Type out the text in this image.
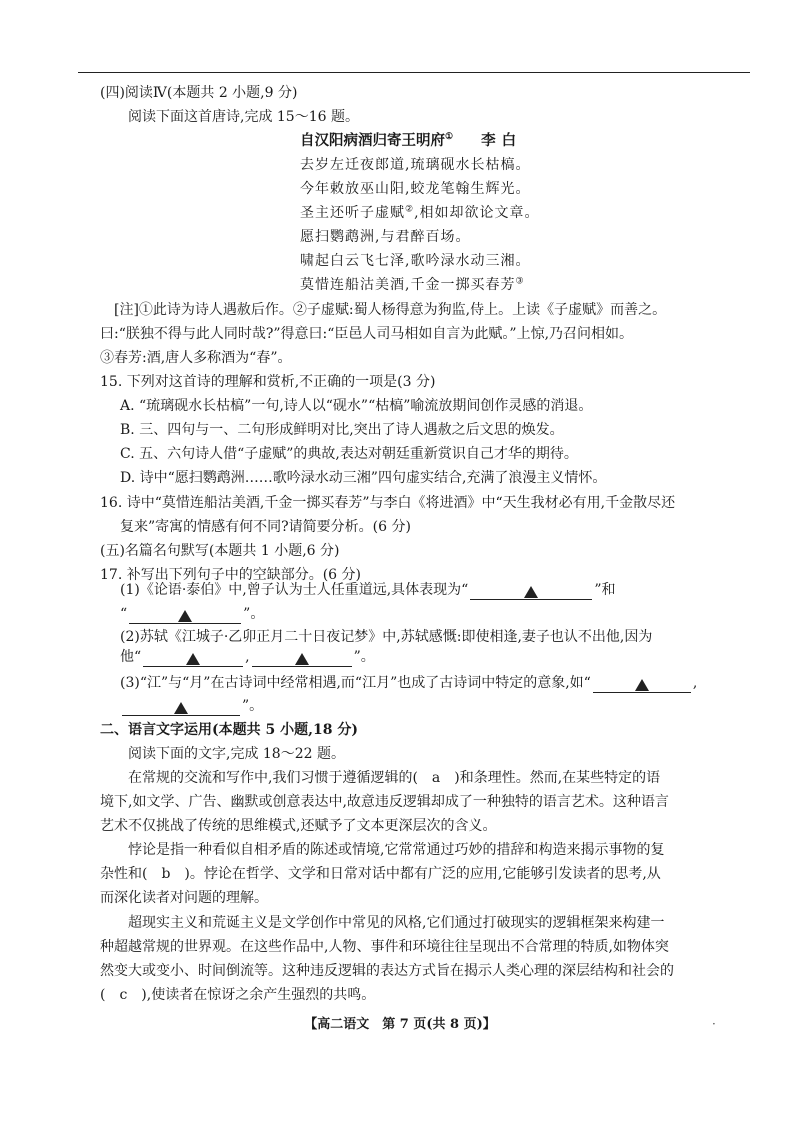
(四)阅读Ⅳ(本题共 2 小题,9 分)
阅读下面这首唐诗,完成 15～16 题。
自汉阳病酒归寄王明府① 李白
去岁左迁夜郎道,琉璃砚水长枯槁。
今年敕放巫山阳,蛟龙笔翰生辉光。
圣主还听子虚赋②,相如却欲论文章。
愿扫鹦鹉洲,与君醉百场。
啸起白云飞七泽,歌吟渌水动三湘。
莫惜连船沽美酒,千金一掷买春芳③
[注]①此诗为诗人遇赦后作。②子虚赋:蜀人杨得意为狗监,侍上。上读《子虚赋》而善之。
曰:“朕独不得与此人同时哉?”得意曰:“臣邑人司马相如自言为此赋。”上惊,乃召问相如。
③春芳:酒,唐人多称酒为“春”。
15. 下列对这首诗的理解和赏析,不正确的一项是(3 分)
A. “琉璃砚水长枯槁”一句,诗人以“砚水”“枯槁”喻流放期间创作灵感的消退。
B. 三、四句与一、二句形成鲜明对比,突出了诗人遇赦之后文思的焕发。
C. 五、六句诗人借“子虚赋”的典故,表达对朝廷重新赏识自己才华的期待。
D. 诗中“愿扫鹦鹉洲……歌吟渌水动三湘”四句虚实结合,充满了浪漫主义情怀。
16. 诗中“莫惜连船沽美酒,千金一掷买春芳”与李白《将进酒》中“天生我材必有用,千金散尽还
复来”寄寓的情感有何不同?请简要分析。(6 分)
(五)名篇名句默写(本题共 1 小题,6 分)
17. 补写出下列句子中的空缺部分。(6 分)
(1)《论语·泰伯》中,曾子认为士人任重道远,具体表现为“	”和
“	”。
(2)苏轼《江城子·乙卯正月二十日夜记梦》中,苏轼感慨:即使相逢,妻子也认不出他,因为
他“	,	”。
(3)“江”与“月”在古诗词中经常相遇,而“江月”也成了古诗词中特定的意象,如“	,
”。
二、语言文字运用(本题共 5 小题,18 分)
阅读下面的文字,完成 18～22 题。
在常规的交流和写作中,我们习惯于遵循逻辑的(　a　)和条理性。然而,在某些特定的语
境下,如文学、广告、幽默或创意表达中,故意违反逻辑却成了一种独特的语言艺术。这种语言
艺术不仅挑战了传统的思维模式,还赋予了文本更深层次的含义。
悖论是指一种看似自相矛盾的陈述或情境,它常常通过巧妙的措辞和构造来揭示事物的复
杂性和(　b　)。悖论在哲学、文学和日常对话中都有广泛的应用,它能够引发读者的思考,从
而深化读者对问题的理解。
超现实主义和荒诞主义是文学创作中常见的风格,它们通过打破现实的逻辑框架来构建一
种超越常规的世界观。在这些作品中,人物、事件和环境往往呈现出不合常理的特质,如物体突
然变大或变小、时间倒流等。这种违反逻辑的表达方式旨在揭示人类心理的深层结构和社会的
(　c　),使读者在惊讶之余产生强烈的共鸣。
【高二语文　第 7 页(共 8 页)】	·
